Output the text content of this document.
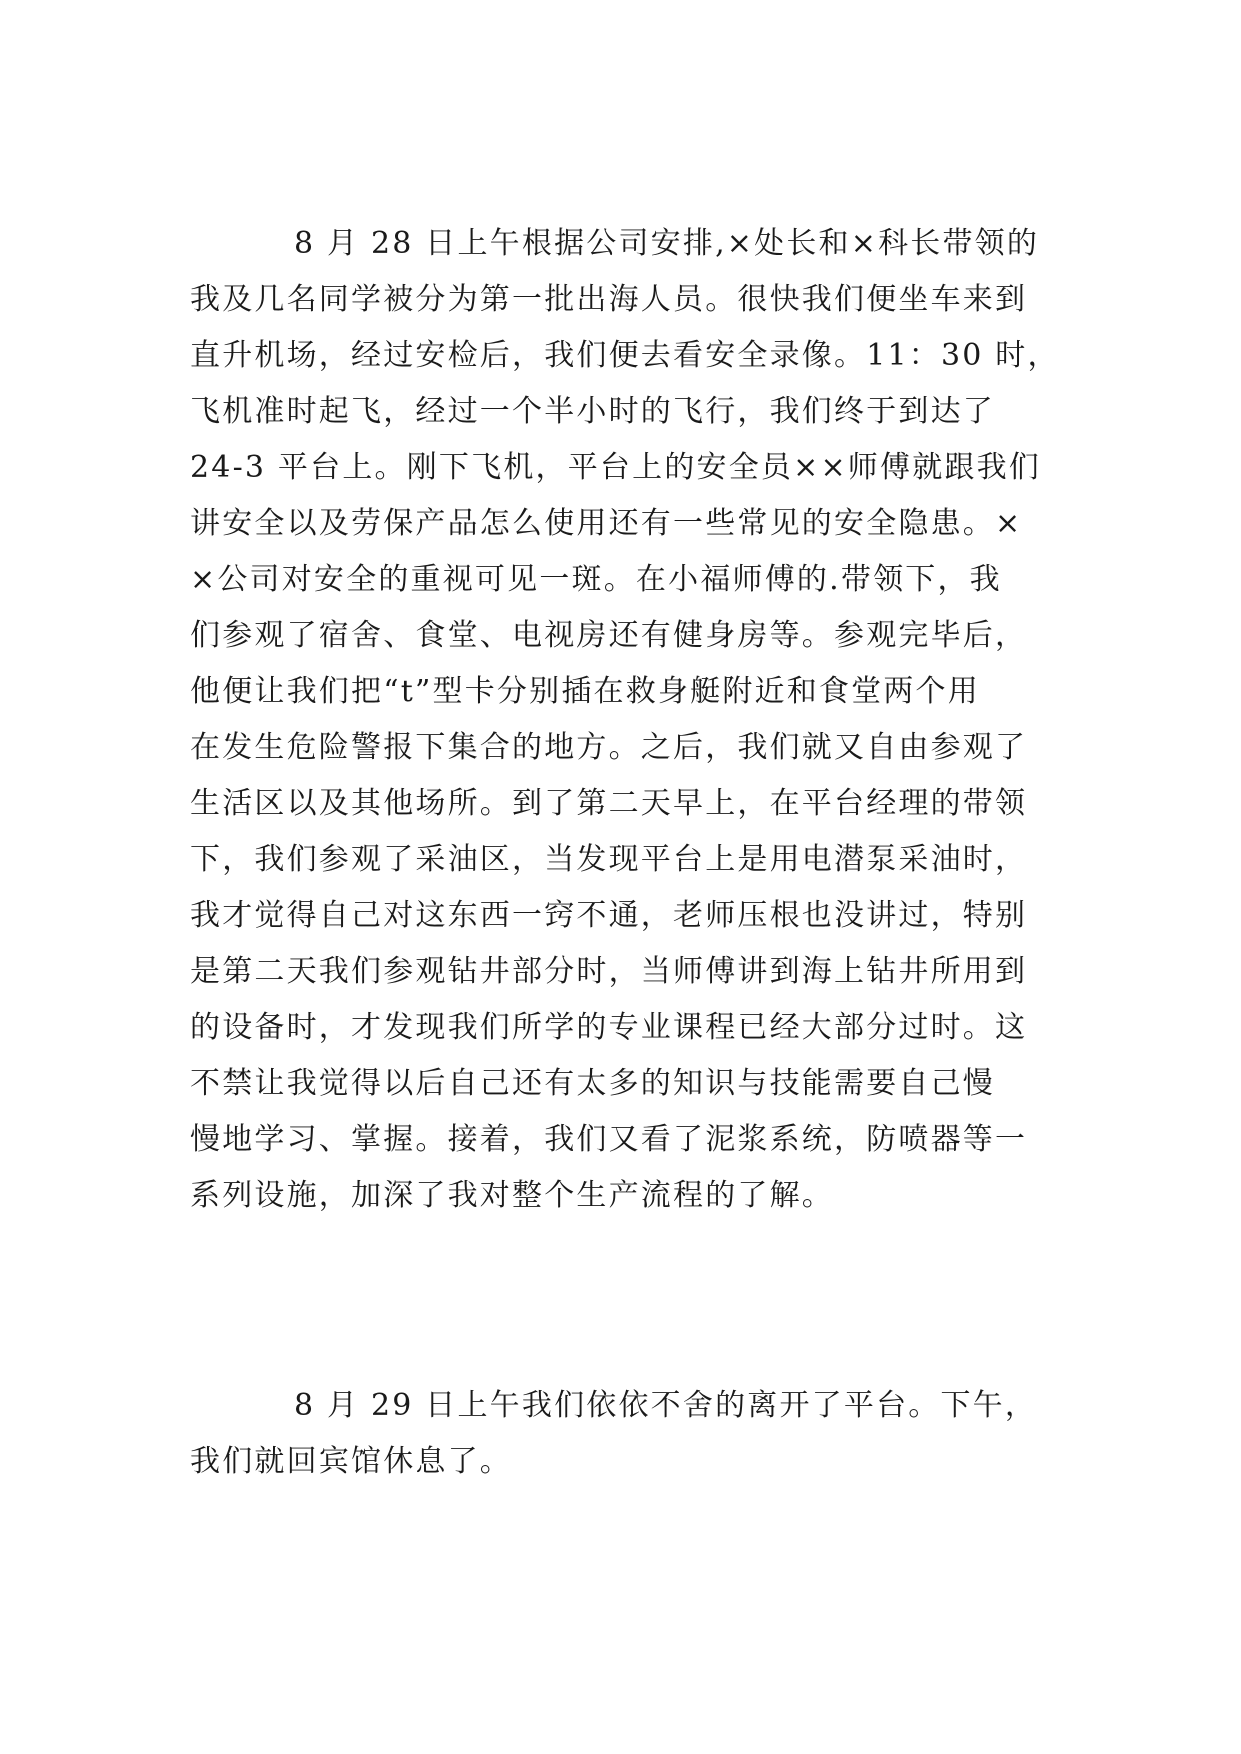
8 月 28 日上午根据公司安排,×处长和×科长带领的
我及几名同学被分为第一批出海人员。很快我们便坐车来到
直升机场，经过安检后，我们便去看安全录像。11：30 时，
飞机准时起飞，经过一个半小时的飞行，我们终于到达了
24-3 平台上。刚下飞机，平台上的安全员××师傅就跟我们
讲安全以及劳保产品怎么使用还有一些常见的安全隐患。×
×公司对安全的重视可见一斑。在小福师傅的.带领下，我
们参观了宿舍、食堂、电视房还有健身房等。参观完毕后，
他便让我们把“t”型卡分别插在救身艇附近和食堂两个用
在发生危险警报下集合的地方。之后，我们就又自由参观了
生活区以及其他场所。到了第二天早上，在平台经理的带领
下，我们参观了采油区，当发现平台上是用电潜泵采油时，
我才觉得自己对这东西一窍不通，老师压根也没讲过，特别
是第二天我们参观钻井部分时，当师傅讲到海上钻井所用到
的设备时，才发现我们所学的专业课程已经大部分过时。这
不禁让我觉得以后自己还有太多的知识与技能需要自己慢
慢地学习、掌握。接着，我们又看了泥浆系统，防喷器等一
系列设施，加深了我对整个生产流程的了解。
8 月 29 日上午我们依依不舍的离开了平台。下午，
我们就回宾馆休息了。
